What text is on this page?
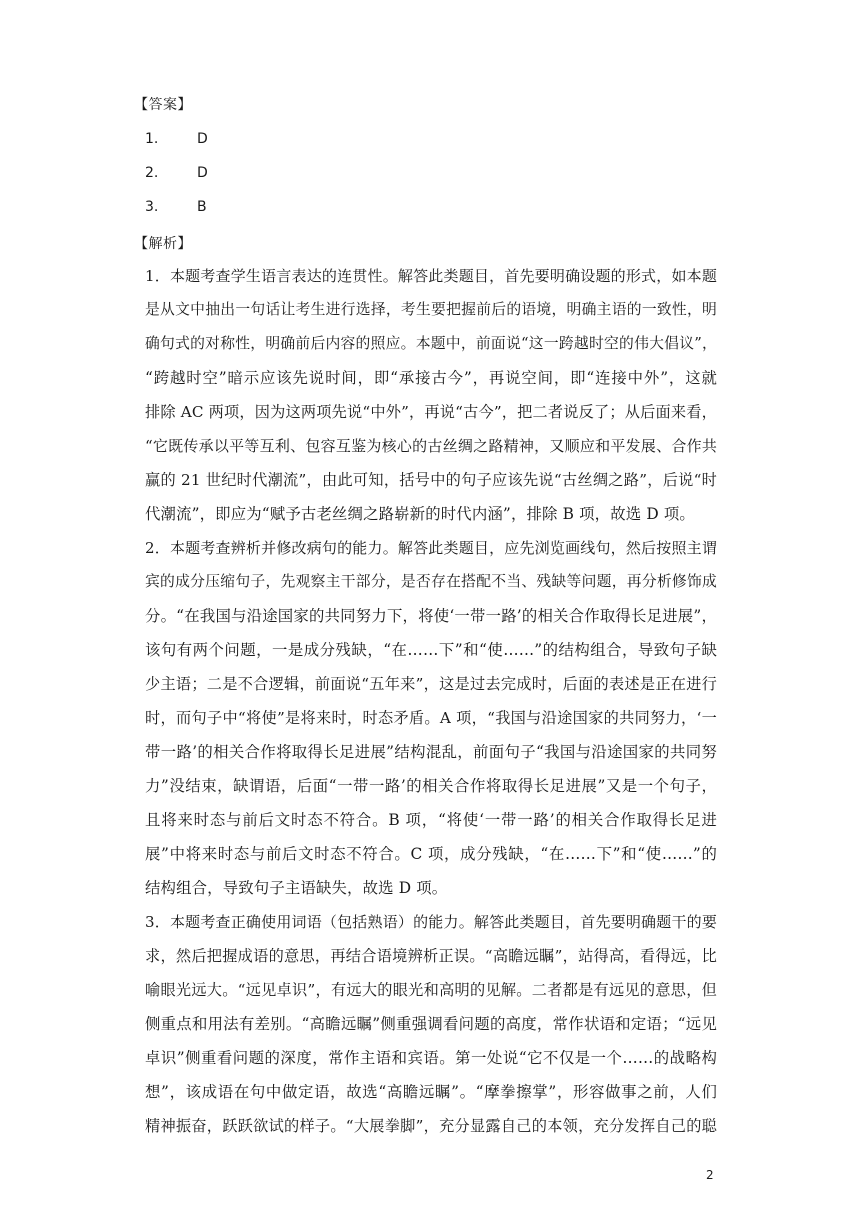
【答案】
1.	D
2.	D
3.	B
【解析】
1．本题考查学生语言表达的连贯性。解答此类题目，首先要明确设题的形式，如本题
是从文中抽出一句话让考生进行选择，考生要把握前后的语境，明确主语的一致性，明
确句式的对称性，明确前后内容的照应。本题中，前面说“这一跨越时空的伟大倡议”，
“跨越时空”暗示应该先说时间，即“承接古今”，再说空间，即“连接中外”，这就
排除 AC 两项，因为这两项先说“中外”，再说“古今”，把二者说反了；从后面来看，
“它既传承以平等互利、包容互鉴为核心的古丝绸之路精神，又顺应和平发展、合作共
赢的 21 世纪时代潮流”，由此可知，括号中的句子应该先说“古丝绸之路”，后说“时
代潮流”，即应为“赋予古老丝绸之路崭新的时代内涵”，排除 B 项，故选 D 项。
2．本题考查辨析并修改病句的能力。解答此类题目，应先浏览画线句，然后按照主谓
宾的成分压缩句子，先观察主干部分，是否存在搭配不当、残缺等问题，再分析修饰成
分。“在我国与沿途国家的共同努力下，将使‘一带一路’的相关合作取得长足进展”，
该句有两个问题，一是成分残缺，“在……下”和“使……”的结构组合，导致句子缺
少主语；二是不合逻辑，前面说“五年来”，这是过去完成时，后面的表述是正在进行
时，而句子中“将使”是将来时，时态矛盾。A 项，“我国与沿途国家的共同努力，‘一
带一路’的相关合作将取得长足进展”结构混乱，前面句子“我国与沿途国家的共同努
力”没结束，缺谓语，后面“一带一路’的相关合作将取得长足进展”又是一个句子，
且将来时态与前后文时态不符合。B 项，“将使‘一带一路’的相关合作取得长足进
展”中将来时态与前后文时态不符合。C 项，成分残缺，“在……下”和“使……”的
结构组合，导致句子主语缺失，故选 D 项。
3．本题考查正确使用词语（包括熟语）的能力。解答此类题目，首先要明确题干的要
求，然后把握成语的意思，再结合语境辨析正误。“高瞻远瞩”，站得高，看得远，比
喻眼光远大。“远见卓识”，有远大的眼光和高明的见解。二者都是有远见的意思，但
侧重点和用法有差别。“高瞻远瞩”侧重强调看问题的高度，常作状语和定语；“远见
卓识”侧重看问题的深度，常作主语和宾语。第一处说“它不仅是一个……的战略构
想”，该成语在句中做定语，故选“高瞻远瞩”。“摩拳擦掌”，形容做事之前，人们
精神振奋，跃跃欲试的样子。“大展拳脚”，充分显露自己的本领，充分发挥自己的聪
2
